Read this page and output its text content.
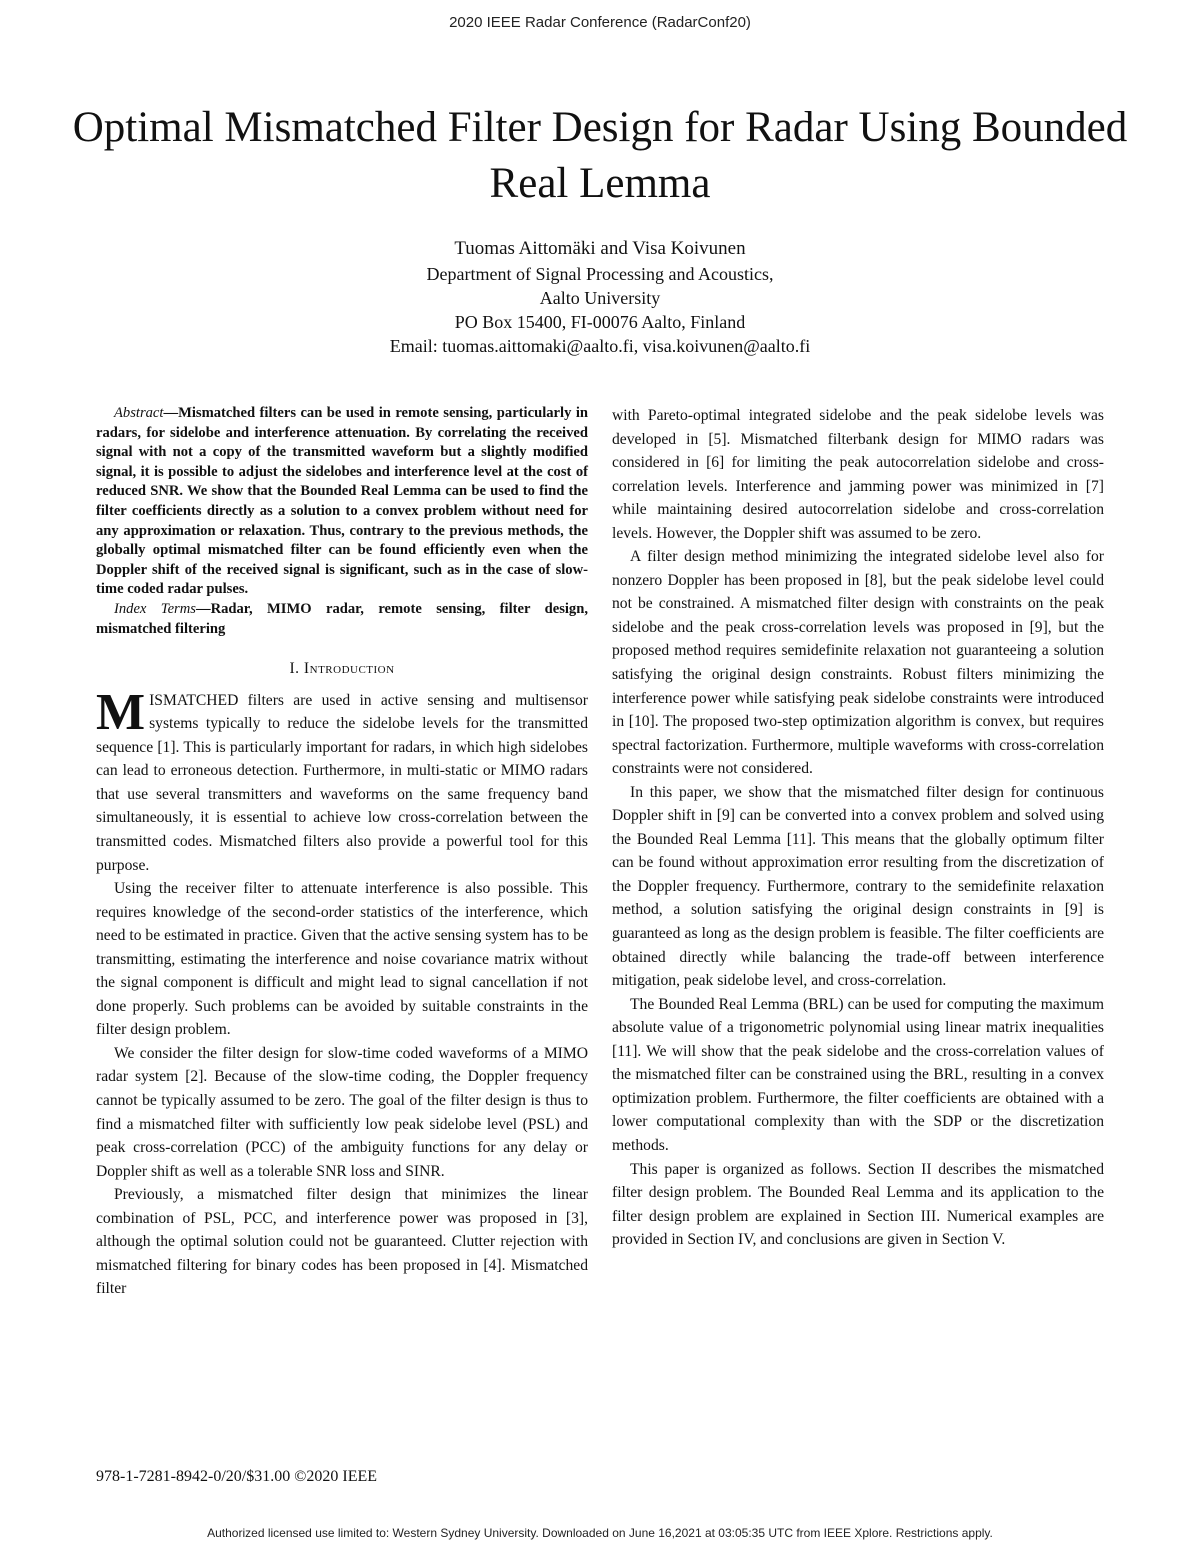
2020 IEEE Radar Conference (RadarConf20)
Optimal Mismatched Filter Design for Radar Using Bounded Real Lemma
Tuomas Aittomäki and Visa Koivunen
Department of Signal Processing and Acoustics,
Aalto University
PO Box 15400, FI-00076 Aalto, Finland
Email: tuomas.aittomaki@aalto.fi, visa.koivunen@aalto.fi

Abstract—Mismatched filters can be used in remote sensing, particularly in radars, for sidelobe and interference attenuation. By correlating the received signal with not a copy of the transmitted waveform but a slightly modified signal, it is possible to adjust the sidelobes and interference level at the cost of reduced SNR. We show that the Bounded Real Lemma can be used to find the filter coefficients directly as a solution to a convex problem without need for any approximation or relaxation. Thus, contrary to the previous methods, the globally optimal mismatched filter can be found efficiently even when the Doppler shift of the received signal is significant, such as in the case of slow-time coded radar pulses.

Index Terms—Radar, MIMO radar, remote sensing, filter design, mismatched filtering

I. Introduction

MISMATCHED filters are used in active sensing and multisensor systems typically to reduce the sidelobe levels for the transmitted sequence [1]. This is particularly important for radars, in which high sidelobes can lead to erroneous detection. Furthermore, in multi-static or MIMO radars that use several transmitters and waveforms on the same frequency band simultaneously, it is essential to achieve low cross-correlation between the transmitted codes. Mismatched filters also provide a powerful tool for this purpose.

Using the receiver filter to attenuate interference is also possible. This requires knowledge of the second-order statistics of the interference, which need to be estimated in practice. Given that the active sensing system has to be transmitting, estimating the interference and noise covariance matrix without the signal component is difficult and might lead to signal cancellation if not done properly. Such problems can be avoided by suitable constraints in the filter design problem.

We consider the filter design for slow-time coded waveforms of a MIMO radar system [2]. Because of the slow-time coding, the Doppler frequency cannot be typically assumed to be zero. The goal of the filter design is thus to find a mismatched filter with sufficiently low peak sidelobe level (PSL) and peak cross-correlation (PCC) of the ambiguity functions for any delay or Doppler shift as well as a tolerable SNR loss and SINR.

Previously, a mismatched filter design that minimizes the linear combination of PSL, PCC, and interference power was proposed in [3], although the optimal solution could not be guaranteed. Clutter rejection with mismatched filtering for binary codes has been proposed in [4]. Mismatched filter

with Pareto-optimal integrated sidelobe and the peak sidelobe levels was developed in [5]. Mismatched filterbank design for MIMO radars was considered in [6] for limiting the peak autocorrelation sidelobe and cross-correlation levels. Interference and jamming power was minimized in [7] while maintaining desired autocorrelation sidelobe and cross-correlation levels. However, the Doppler shift was assumed to be zero.

A filter design method minimizing the integrated sidelobe level also for nonzero Doppler has been proposed in [8], but the peak sidelobe level could not be constrained. A mismatched filter design with constraints on the peak sidelobe and the peak cross-correlation levels was proposed in [9], but the proposed method requires semidefinite relaxation not guaranteeing a solution satisfying the original design constraints. Robust filters minimizing the interference power while satisfying peak sidelobe constraints were introduced in [10]. The proposed two-step optimization algorithm is convex, but requires spectral factorization. Furthermore, multiple waveforms with cross-correlation constraints were not considered.

In this paper, we show that the mismatched filter design for continuous Doppler shift in [9] can be converted into a convex problem and solved using the Bounded Real Lemma [11]. This means that the globally optimum filter can be found without approximation error resulting from the discretization of the Doppler frequency. Furthermore, contrary to the semidefinite relaxation method, a solution satisfying the original design constraints in [9] is guaranteed as long as the design problem is feasible. The filter coefficients are obtained directly while balancing the trade-off between interference mitigation, peak sidelobe level, and cross-correlation.

The Bounded Real Lemma (BRL) can be used for computing the maximum absolute value of a trigonometric polynomial using linear matrix inequalities [11]. We will show that the peak sidelobe and the cross-correlation values of the mismatched filter can be constrained using the BRL, resulting in a convex optimization problem. Furthermore, the filter coefficients are obtained with a lower computational complexity than with the SDP or the discretization methods.

This paper is organized as follows. Section II describes the mismatched filter design problem. The Bounded Real Lemma and its application to the filter design problem are explained in Section III. Numerical examples are provided in Section IV, and conclusions are given in Section V.

978-1-7281-8942-0/20/$31.00 ©2020 IEEE
Authorized licensed use limited to: Western Sydney University. Downloaded on June 16,2021 at 03:05:35 UTC from IEEE Xplore. Restrictions apply.
